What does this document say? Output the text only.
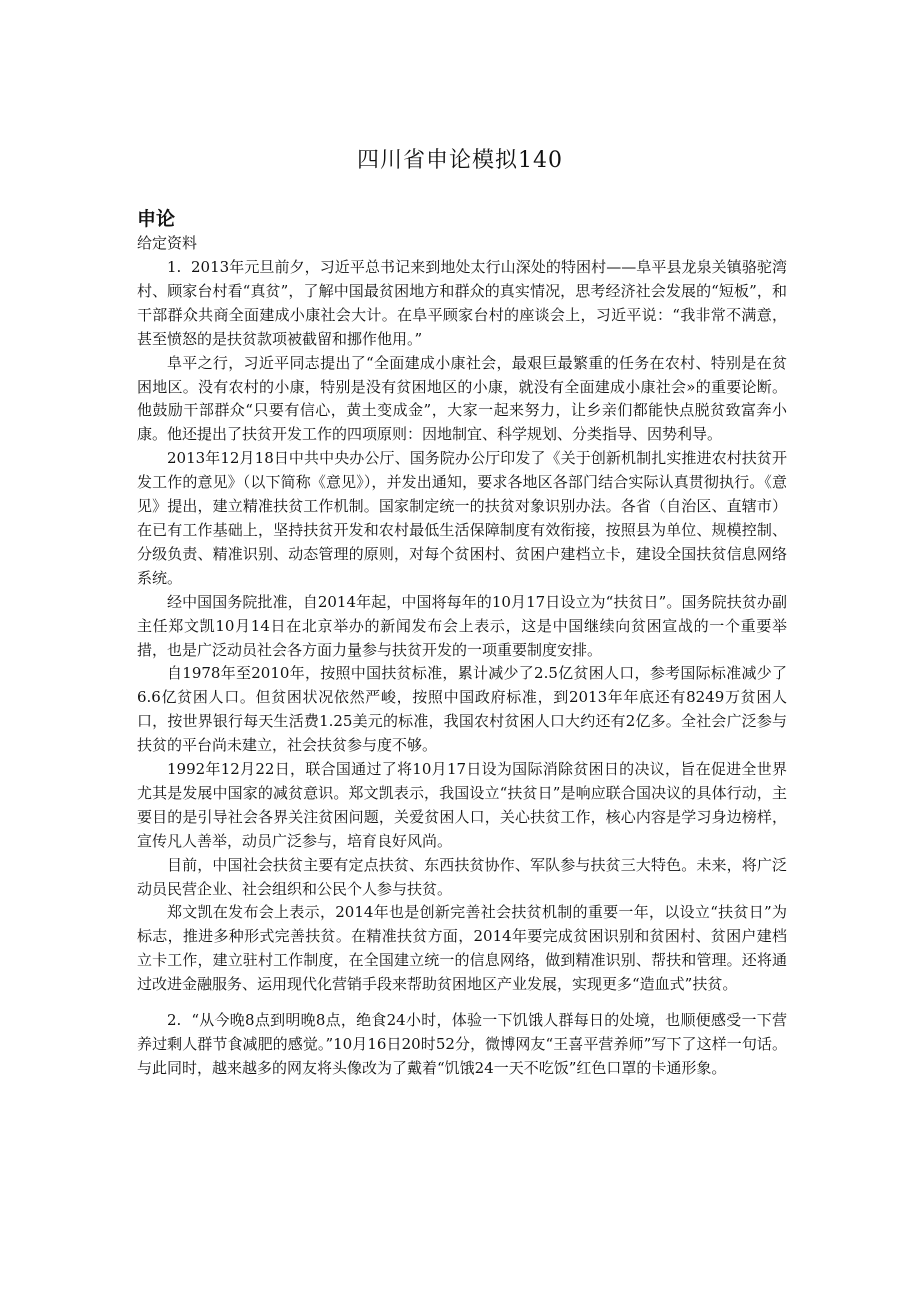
四川省申论模拟140
申论
给定资料

1.  2013年元旦前夕，习近平总书记来到地处太行山深处的特困村——阜平县龙泉关镇骆驼湾村、顾家台村看“真贫”，了解中国最贫困地方和群众的真实情况，思考经济社会发展的“短板”，和干部群众共商全面建成小康社会大计。在阜平顾家台村的座谈会上，习近平说：“我非常不满意，甚至愤怒的是扶贫款项被截留和挪作他用。”

阜平之行，习近平同志提出了“全面建成小康社会，最艰巨最繁重的任务在农村、特别是在贫困地区。没有农村的小康，特别是没有贫困地区的小康，就没有全面建成小康社会»的重要论断。他鼓励干部群众“只要有信心，黄土变成金”，大家一起来努力，让乡亲们都能快点脱贫致富奔小康。他还提出了扶贫开发工作的四项原则：因地制宜、科学规划、分类指导、因势利导。

2013年12月18日中共中央办公厅、国务院办公厅印发了《关于创新机制扎实推进农村扶贫开发工作的意见》（以下简称《意见》），并发出通知，要求各地区各部门结合实际认真贯彻执行。《意见》提出，建立精准扶贫工作机制。国家制定统一的扶贫对象识别办法。各省（自治区、直辖市）在已有工作基础上，坚持扶贫开发和农村最低生活保障制度有效衔接，按照县为单位、规模控制、分级负责、精准识别、动态管理的原则，对每个贫困村、贫困户建档立卡，建设全国扶贫信息网络系统。

经中国国务院批准，自2014年起，中国将每年的10月17日设立为“扶贫日”。国务院扶贫办副主任郑文凯10月14日在北京举办的新闻发布会上表示，这是中国继续向贫困宣战的一个重要举措，也是广泛动员社会各方面力量参与扶贫开发的一项重要制度安排。

自1978年至2010年，按照中国扶贫标准，累计减少了2.5亿贫困人口，参考国际标准减少了6.6亿贫困人口。但贫困状况依然严峻，按照中国政府标准，到2013年年底还有8249万贫困人口，按世界银行每天生活费1.25美元的标准，我国农村贫困人口大约还有2亿多。全社会广泛参与扶贫的平台尚未建立，社会扶贫参与度不够。

1992年12月22日，联合国通过了将10月17日设为国际消除贫困日的决议，旨在促进全世界尤其是发展中国家的减贫意识。郑文凯表示，我国设立“扶贫日”是响应联合国决议的具体行动，主要目的是引导社会各界关注贫困问题，关爱贫困人口，关心扶贫工作，核心内容是学习身边榜样，宣传凡人善举，动员广泛参与，培育良好风尚。

目前，中国社会扶贫主要有定点扶贫、东西扶贫协作、军队参与扶贫三大特色。未来，将广泛动员民营企业、社会组织和公民个人参与扶贫。

郑文凯在发布会上表示，2014年也是创新完善社会扶贫机制的重要一年，以设立“扶贫日”为标志，推进多种形式完善扶贫。在精准扶贫方面，2014年要完成贫困识别和贫困村、贫困户建档立卡工作，建立驻村工作制度，在全国建立统一的信息网络，做到精准识别、帮扶和管理。还将通过改进金融服务、运用现代化营销手段来帮助贫困地区产业发展，实现更多“造血式”扶贫。

2.  “从今晚8点到明晚8点，绝食24小时，体验一下饥饿人群每日的处境，也顺便感受一下营养过剩人群节食减肥的感觉。”10月16日20时52分，微博网友“王喜平营养师”写下了这样一句话。与此同时，越来越多的网友将头像改为了戴着“饥饿24一天不吃饭”红色口罩的卡通形象。
